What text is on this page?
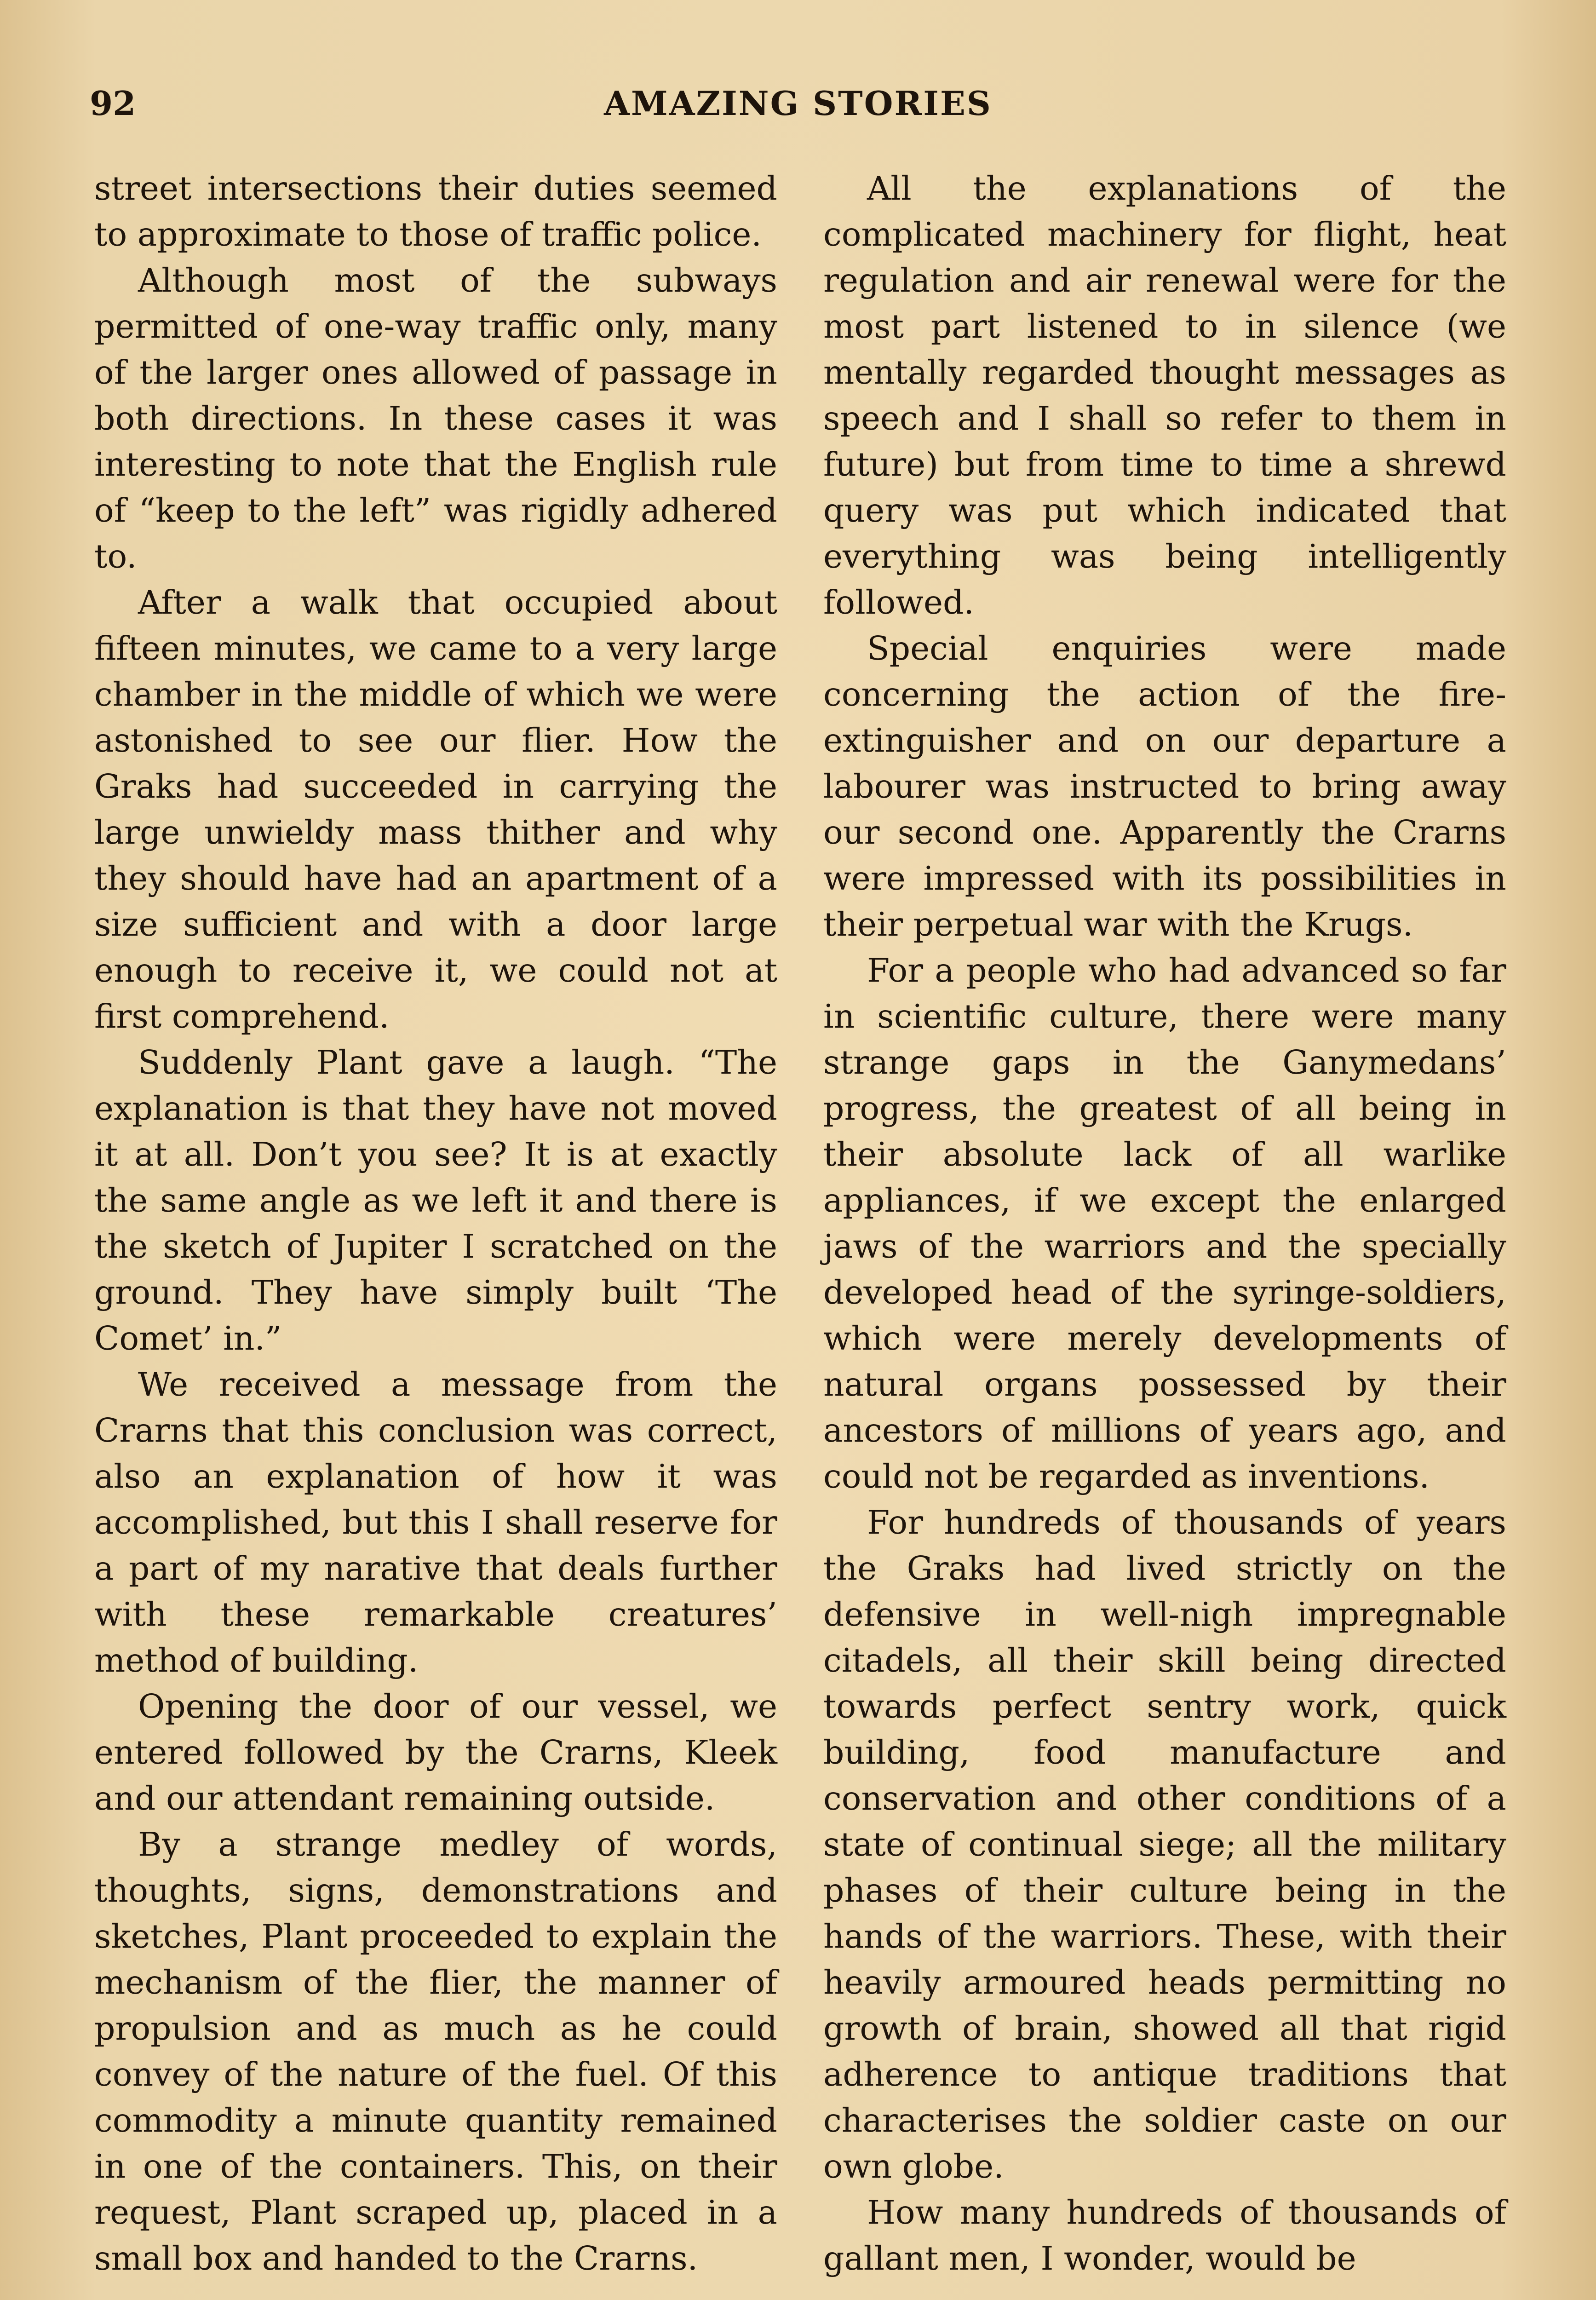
92	AMAZING STORIES

street intersections their duties seemed to approximate to those of traffic police.

Although most of the subways permitted of one-way traffic only, many of the larger ones allowed of passage in both directions. In these cases it was interesting to note that the English rule of “keep to the left” was rigidly adhered to.

After a walk that occupied about fifteen minutes, we came to a very large chamber in the middle of which we were astonished to see our flier. How the Graks had succeeded in carrying the large unwieldy mass thither and why they should have had an apartment of a size sufficient and with a door large enough to receive it, we could not at first comprehend.

Suddenly Plant gave a laugh. “The explanation is that they have not moved it at all. Don’t you see? It is at exactly the same angle as we left it and there is the sketch of Jupiter I scratched on the ground. They have simply built ‘The Comet’ in.”

We received a message from the Crarns that this conclusion was correct, also an explanation of how it was accomplished, but this I shall reserve for a part of my narative that deals further with these remarkable creatures’ method of building.

Opening the door of our vessel, we entered followed by the Crarns, Kleek and our attendant remaining outside.

By a strange medley of words, thoughts, signs, demonstrations and sketches, Plant proceeded to explain the mechanism of the flier, the manner of propulsion and as much as he could convey of the nature of the fuel. Of this commodity a minute quantity remained in one of the containers. This, on their request, Plant scraped up, placed in a small box and handed to the Crarns.

All the explanations of the complicated machinery for flight, heat regulation and air renewal were for the most part listened to in silence (we mentally regarded thought messages as speech and I shall so refer to them in future) but from time to time a shrewd query was put which indicated that everything was being intelligently followed.

Special enquiries were made concerning the action of the fire-extinguisher and on our departure a labourer was instructed to bring away our second one. Apparently the Crarns were impressed with its possibilities in their perpetual war with the Krugs.

For a people who had advanced so far in scientific culture, there were many strange gaps in the Ganymedans’ progress, the greatest of all being in their absolute lack of all warlike appliances, if we except the enlarged jaws of the warriors and the specially developed head of the syringe-soldiers, which were merely developments of natural organs possessed by their ancestors of millions of years ago, and could not be regarded as inventions.

For hundreds of thousands of years the Graks had lived strictly on the defensive in well-nigh impregnable citadels, all their skill being directed towards perfect sentry work, quick building, food manufacture and conservation and other conditions of a state of continual siege; all the military phases of their culture being in the hands of the warriors. These, with their heavily armoured heads permitting no growth of brain, showed all that rigid adherence to antique traditions that characterises the soldier caste on our own globe.

How many hundreds of thousands of gallant men, I wonder, would be
